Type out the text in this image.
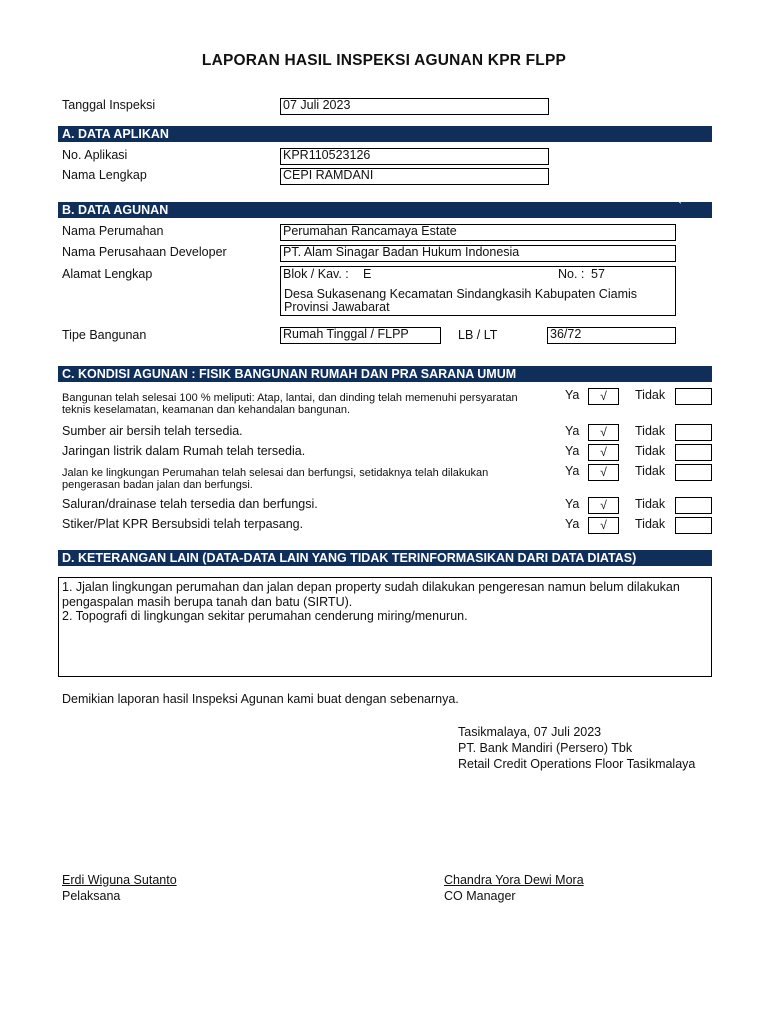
LAPORAN HASIL INSPEKSI AGUNAN KPR FLPP
Tanggal Inspeksi	07 Juli 2023
A. DATA APLIKAN
No. Aplikasi	KPR110523126
Nama Lengkap	CEPI RAMDANI
B. DATA AGUNAN	`
Nama Perumahan	Perumahan Rancamaya Estate
Nama Perusahaan Developer	PT. Alam Sinagar Badan Hukum Indonesia
Alamat Lengkap	Blok / Kav. : E	No. : 57
Desa Sukasenang Kecamatan Sindangkasih Kabupaten Ciamis
Provinsi Jawabarat
Tipe Bangunan	Rumah Tinggal / FLPP	LB / LT	36/72
C. KONDISI AGUNAN : FISIK BANGUNAN RUMAH DAN PRA SARANA UMUM
Bangunan telah selesai 100 % meliputi: Atap, lantai, dan dinding telah memenuhi persyaratan teknis keselamatan, keamanan dan kehandalan bangunan.
Ya	√	Tidak
Sumber air bersih telah tersedia.	Ya	√	Tidak
Jaringan listrik dalam Rumah telah tersedia.	Ya	√	Tidak
Jalan ke lingkungan Perumahan telah selesai dan berfungsi, setidaknya telah dilakukan pengerasan badan jalan dan berfungsi.
Ya	√	Tidak
Saluran/drainase telah tersedia dan berfungsi.	Ya	√	Tidak
Stiker/Plat KPR Bersubsidi telah terpasang.	Ya	√	Tidak
D. KETERANGAN LAIN (DATA-DATA LAIN YANG TIDAK TERINFORMASIKAN DARI DATA DIATAS)
1. Jjalan lingkungan perumahan dan jalan depan property sudah dilakukan pengeresan namun belum dilakukan
pengaspalan masih berupa tanah dan batu (SIRTU).
2. Topografi di lingkungan sekitar perumahan cenderung miring/menurun.
Demikian laporan hasil Inspeksi Agunan kami buat dengan sebenarnya.
Tasikmalaya, 07 Juli 2023
PT. Bank Mandiri (Persero) Tbk
Retail Credit Operations Floor Tasikmalaya
Erdi Wiguna Sutanto
Pelaksana
Chandra Yora Dewi Mora
CO Manager
